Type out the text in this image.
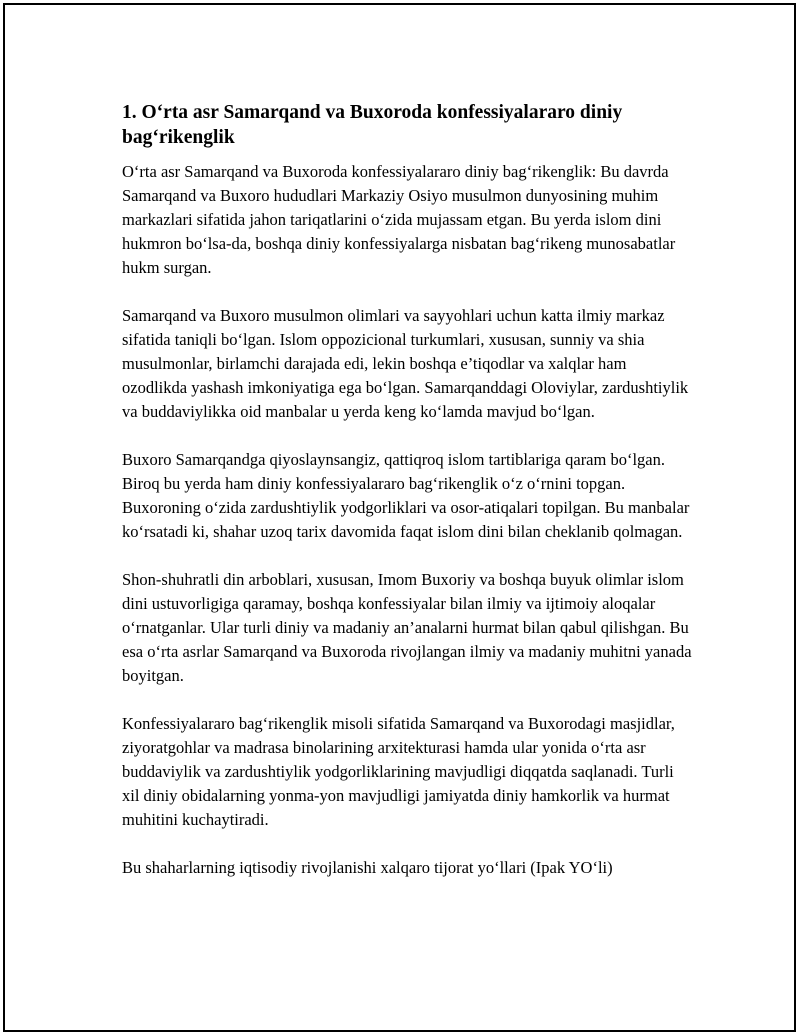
1. O‘rta asr Samarqand va Buxoroda konfessiyalararo diniy bag‘rikenglik

O‘rta asr Samarqand va Buxoroda konfessiyalararo diniy bag‘rikenglik: Bu davrda Samarqand va Buxoro hududlari Markaziy Osiyo musulmon dunyosining muhim markazlari sifatida jahon tariqatlarini o‘zida mujassam etgan. Bu yerda islom dini hukmron bo‘lsa-da, boshqa diniy konfessiyalarga nisbatan bag‘rikeng munosabatlar hukm surgan.

Samarqand va Buxoro musulmon olimlari va sayyohlari uchun katta ilmiy markaz sifatida taniqli bo‘lgan. Islom oppozicional turkumlari, xususan, sunniy va shia musulmonlar, birlamchi darajada edi, lekin boshqa e’tiqodlar va xalqlar ham ozodlikda yashash imkoniyatiga ega bo‘lgan. Samarqanddagi Oloviylar, zardushtiylik va buddaviylikka oid manbalar u yerda keng ko‘lamda mavjud bo‘lgan.

Buxoro Samarqandga qiyoslaynsangiz, qattiqroq islom tartiblariga qaram bo‘lgan. Biroq bu yerda ham diniy konfessiyalararo bag‘rikenglik o‘z o‘rnini topgan. Buxoroning o‘zida zardushtiylik yodgorliklari va osor-atiqalari topilgan. Bu manbalar ko‘rsatadi ki, shahar uzoq tarix davomida faqat islom dini bilan cheklanib qolmagan.

Shon-shuhratli din arboblari, xususan, Imom Buxoriy va boshqa buyuk olimlar islom dini ustuvorligiga qaramay, boshqa konfessiyalar bilan ilmiy va ijtimoiy aloqalar o‘rnatganlar. Ular turli diniy va madaniy an’analarni hurmat bilan qabul qilishgan. Bu esa o‘rta asrlar Samarqand va Buxoroda rivojlangan ilmiy va madaniy muhitni yanada boyitgan.

Konfessiyalararo bag‘rikenglik misoli sifatida Samarqand va Buxorodagi masjidlar, ziyoratgohlar va madrasa binolarining arxitekturasi hamda ular yonida o‘rta asr buddaviylik va zardushtiylik yodgorliklarining mavjudligi diqqatda saqlanadi. Turli xil diniy obidalarning yonma-yon mavjudligi jamiyatda diniy hamkorlik va hurmat muhitini kuchaytiradi.

Bu shaharlarning iqtisodiy rivojlanishi xalqaro tijorat yo‘llari (Ipak YO‘li)
